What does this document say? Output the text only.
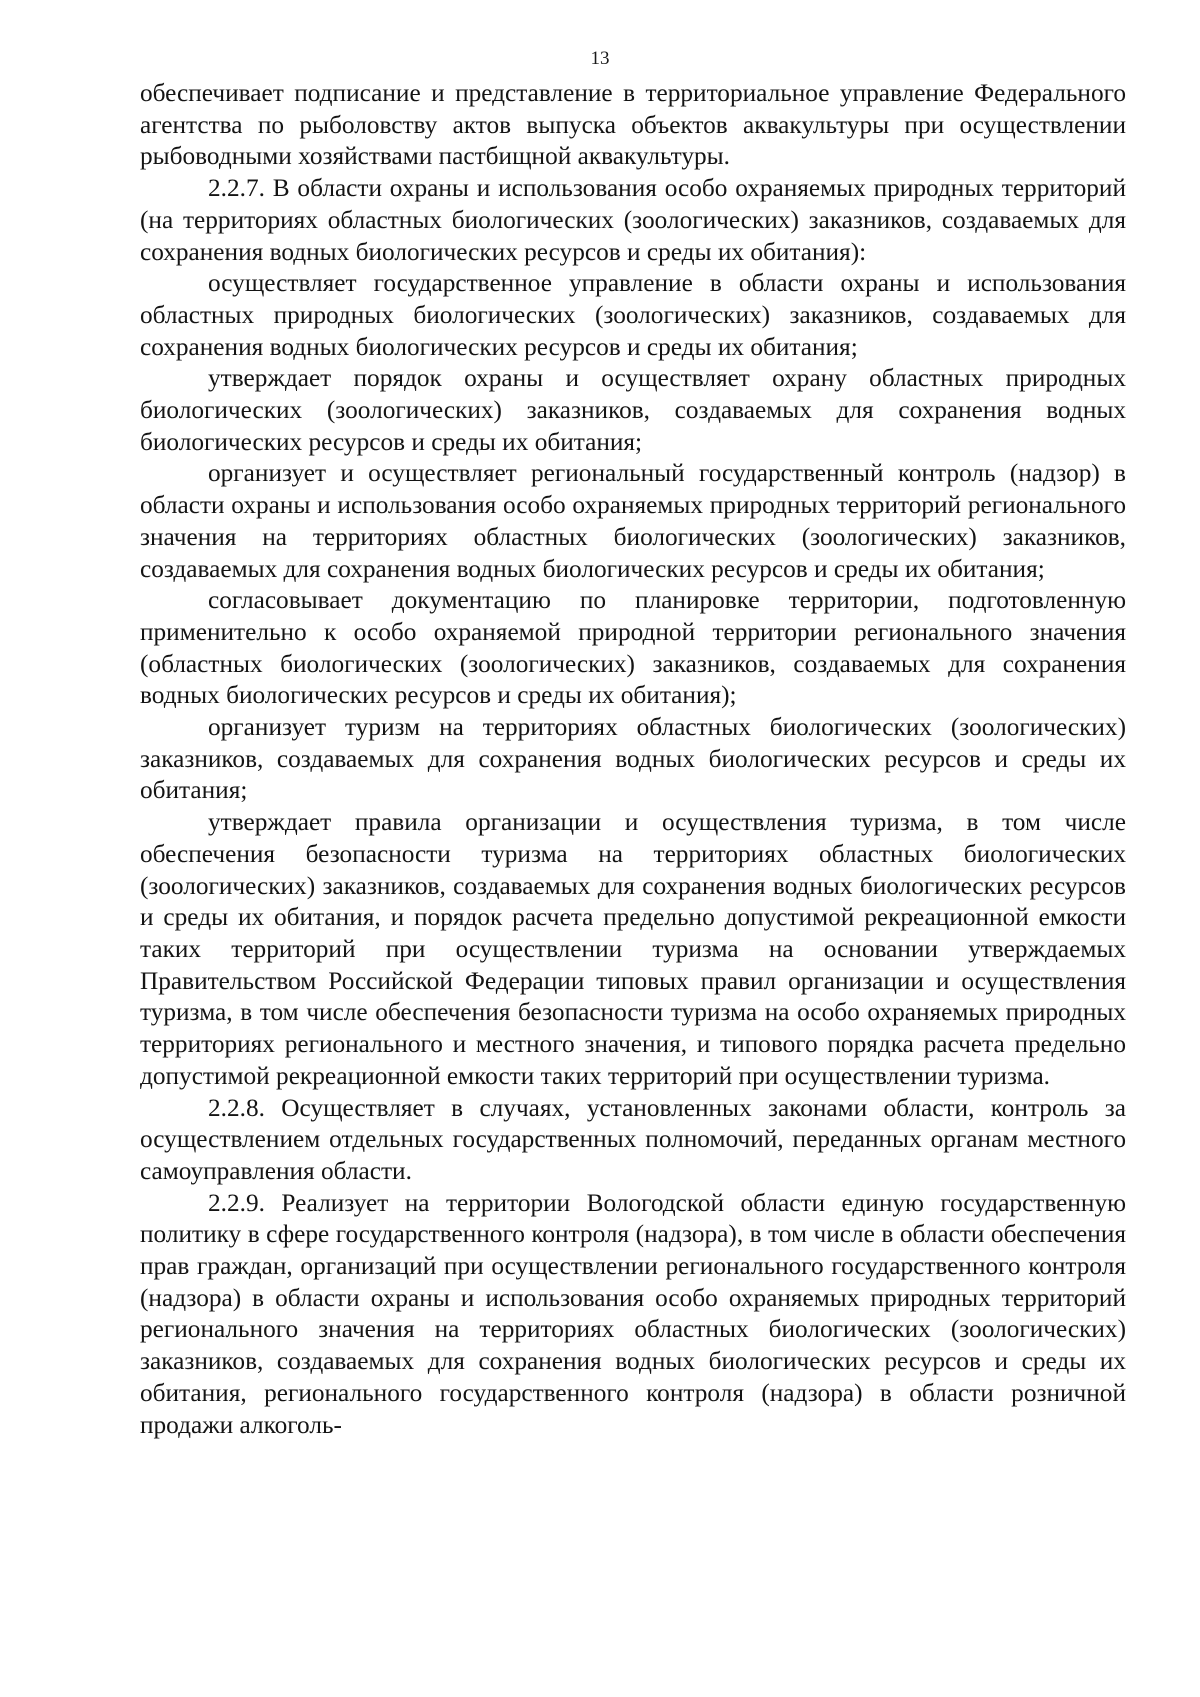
13

обеспечивает подписание и представление в территориальное управление Федерального агентства по рыболовству актов выпуска объектов аквакультуры при осуществлении рыбоводными хозяйствами пастбищной аквакультуры.

2.2.7. В области охраны и использования особо охраняемых природных территорий (на территориях областных биологических (зоологических) заказников, создаваемых для сохранения водных биологических ресурсов и среды их обитания):

осуществляет государственное управление в области охраны и использования областных природных биологических (зоологических) заказников, создаваемых для сохранения водных биологических ресурсов и среды их обитания;

утверждает порядок охраны и осуществляет охрану областных природных биологических (зоологических) заказников, создаваемых для сохранения водных биологических ресурсов и среды их обитания;

организует и осуществляет региональный государственный контроль (надзор) в области охраны и использования особо охраняемых природных территорий регионального значения на территориях областных биологических (зоологических) заказников, создаваемых для сохранения водных биологических ресурсов и среды их обитания;

согласовывает документацию по планировке территории, подготовленную применительно к особо охраняемой природной территории регионального значения (областных биологических (зоологических) заказников, создаваемых для сохранения водных биологических ресурсов и среды их обитания);

организует туризм на территориях областных биологических (зоологических) заказников, создаваемых для сохранения водных биологических ресурсов и среды их обитания;

утверждает правила организации и осуществления туризма, в том числе обеспечения безопасности туризма на территориях областных биологических (зоологических) заказников, создаваемых для сохранения водных биологических ресурсов и среды их обитания, и порядок расчета предельно допустимой рекреационной емкости таких территорий при осуществлении туризма на основании утверждаемых Правительством Российской Федерации типовых правил организации и осуществления туризма, в том числе обеспечения безопасности туризма на особо охраняемых природных территориях регионального и местного значения, и типового порядка расчета предельно допустимой рекреационной емкости таких территорий при осуществлении туризма.

2.2.8. Осуществляет в случаях, установленных законами области, контроль за осуществлением отдельных государственных полномочий, переданных органам местного самоуправления области.

2.2.9. Реализует на территории Вологодской области единую государственную политику в сфере государственного контроля (надзора), в том числе в области обеспечения прав граждан, организаций при осуществлении регионального государственного контроля (надзора) в области охраны и использования особо охраняемых природных территорий регионального значения на территориях областных биологических (зоологических) заказников, создаваемых для сохранения водных биологических ресурсов и среды их обитания, регионального государственного контроля (надзора) в области розничной продажи алкоголь-
